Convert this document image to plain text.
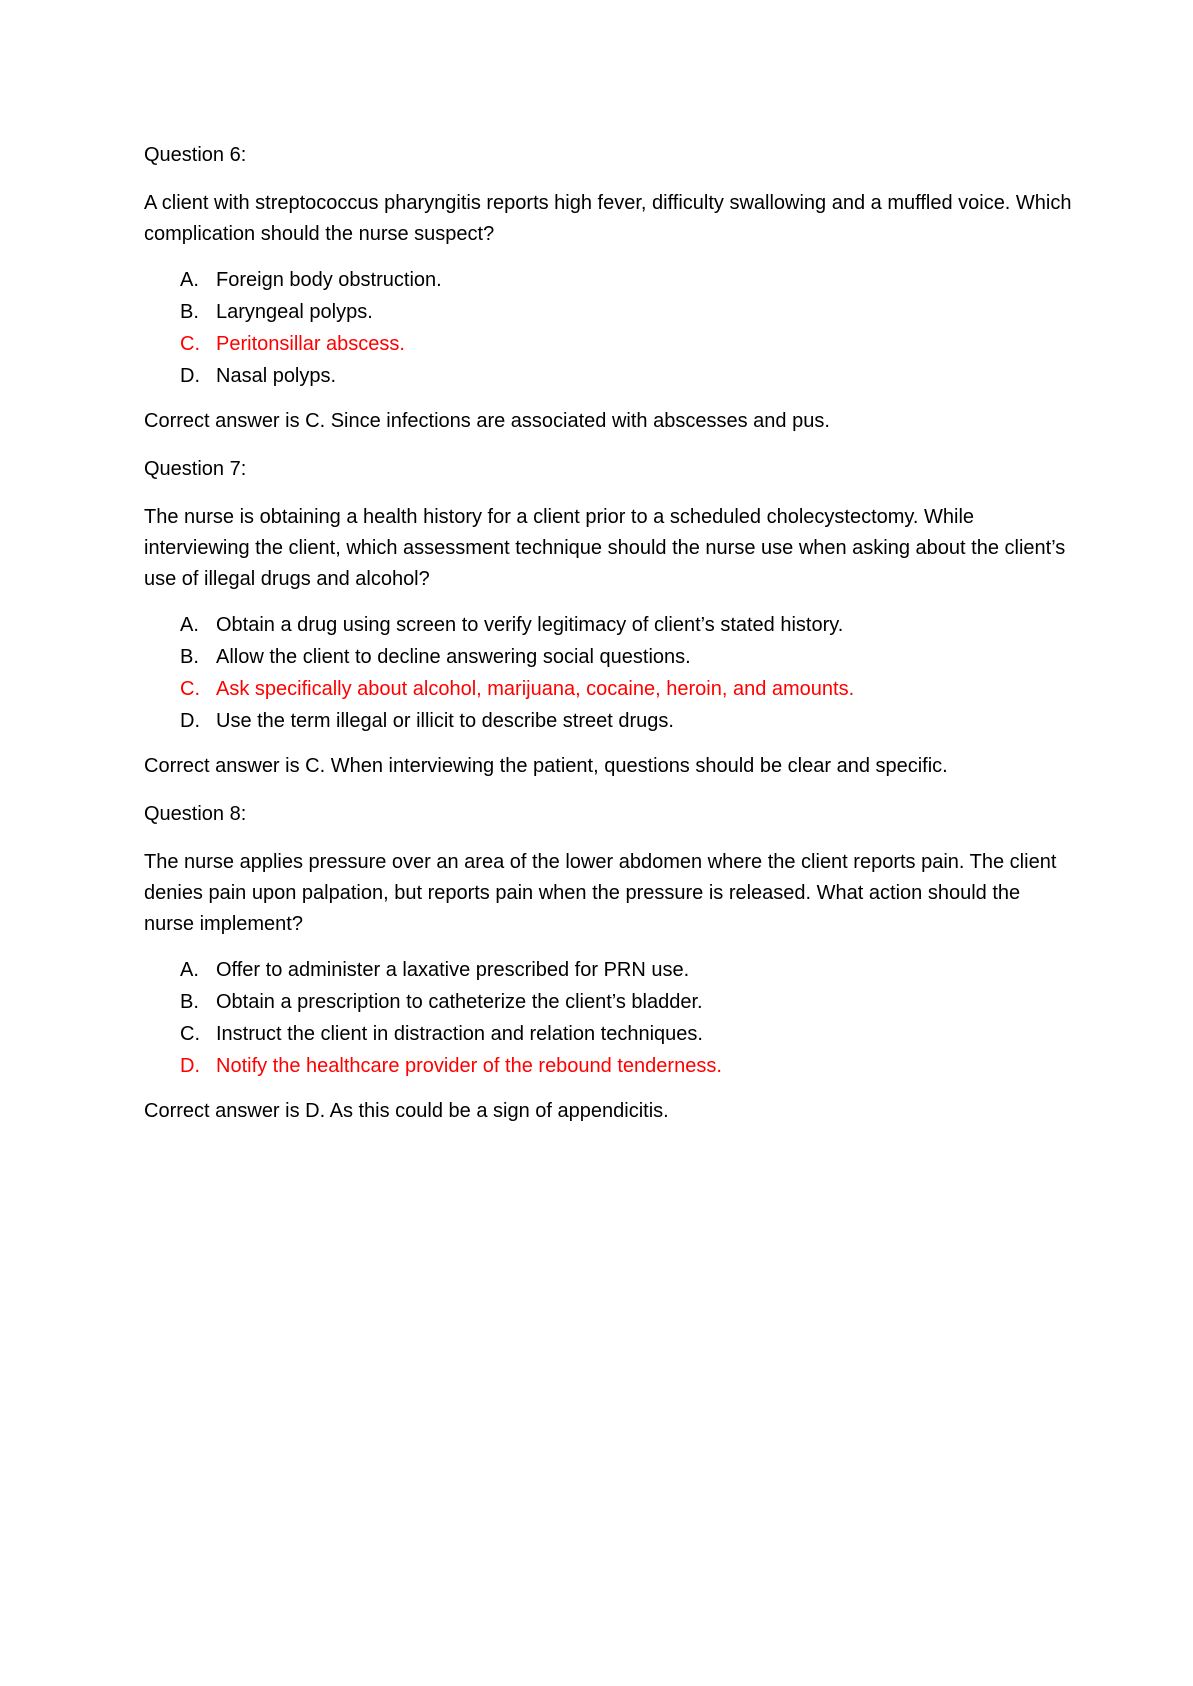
Question 6:

A client with streptococcus pharyngitis reports high fever, difficulty swallowing and a muffled voice. Which complication should the nurse suspect?

A. Foreign body obstruction.
B. Laryngeal polyps.
C. Peritonsillar abscess.
D. Nasal polyps.

Correct answer is C. Since infections are associated with abscesses and pus.

Question 7:

The nurse is obtaining a health history for a client prior to a scheduled cholecystectomy. While interviewing the client, which assessment technique should the nurse use when asking about the client’s use of illegal drugs and alcohol?

A. Obtain a drug using screen to verify legitimacy of client’s stated history.
B. Allow the client to decline answering social questions.
C. Ask specifically about alcohol, marijuana, cocaine, heroin, and amounts.
D. Use the term illegal or illicit to describe street drugs.

Correct answer is C. When interviewing the patient, questions should be clear and specific.

Question 8:

The nurse applies pressure over an area of the lower abdomen where the client reports pain. The client denies pain upon palpation, but reports pain when the pressure is released. What action should the nurse implement?

A. Offer to administer a laxative prescribed for PRN use.
B. Obtain a prescription to catheterize the client’s bladder.
C. Instruct the client in distraction and relation techniques.
D. Notify the healthcare provider of the rebound tenderness.

Correct answer is D. As this could be a sign of appendicitis.
